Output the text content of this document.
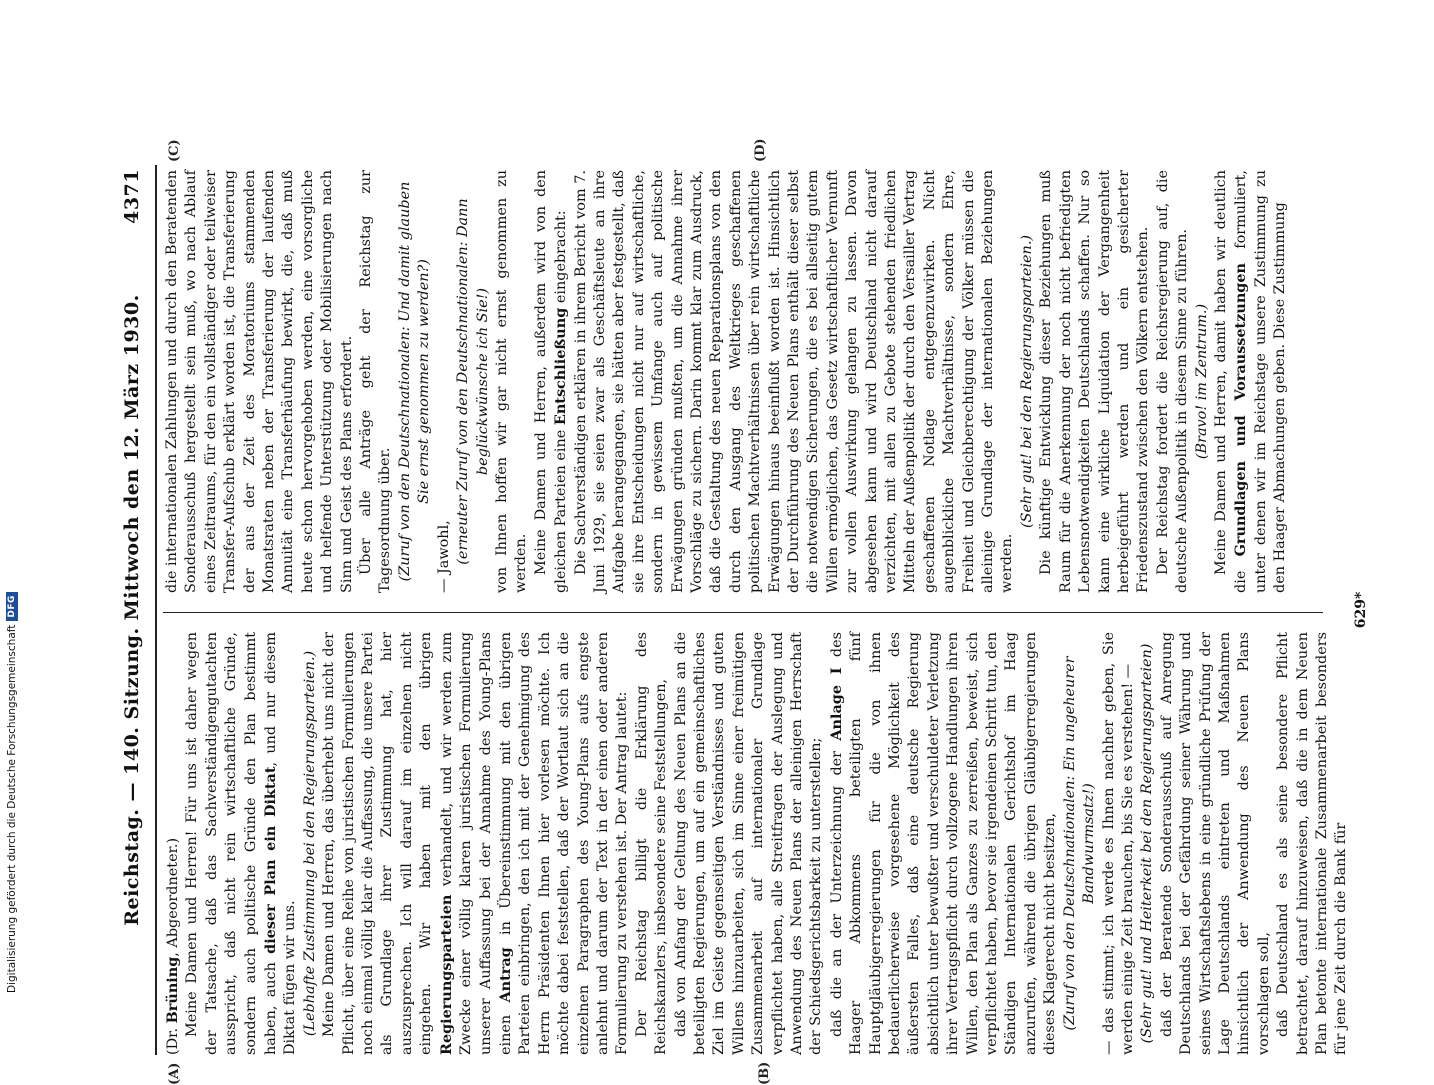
Reichstag. — 140. Sitzung. Mittwoch den 12. März 1930.
4371

(Dr. Brüning, Abgeordneter.) Meine Damen und Herren! Für uns ist daher wegen der Tatsache, daß das Sachverständigengutachten ausspricht, daß nicht rein wirtschaftliche Gründe, sondern auch politische Gründe den Plan bestimmt haben, auch dieser Plan ein Diktat, und nur diesem Diktat fügen wir uns. (Lebhafte Zustimmung bei den Regierungsparteien.) Meine Damen und Herren, das überhebt uns nicht der Pflicht, über eine Reihe von juristischen Formulierungen noch einmal völlig klar die Auffassung, die unsere Partei als Grundlage ihrer Zustimmung hat, hier auszusprechen. Ich will darauf im einzelnen nicht eingehen. Wir haben mit den übrigen Regierungsparteien verhandelt, und wir werden zum Zwecke einer völlig klaren juristischen Formulierung unserer Auffassung bei der Annahme des Young-Plans einen Antrag in Übereinstimmung mit den übrigen Parteien einbringen, den ich mit der Genehmigung des Herrn Präsidenten Ihnen hier vorlesen möchte. Ich möchte dabei feststellen, daß der Wortlaut sich an die einzelnen Paragraphen des Young-Plans aufs engste anlehnt und darum der Text in der einen oder anderen Formulierung zu verstehen ist. Der Antrag lautet: Der Reichstag billigt die Erklärung des Reichskanzlers, insbesondere seine Feststellungen, daß von Anfang der Geltung des Neuen Plans an die beteiligten Regierungen, um auf ein gemeinschaftliches Ziel im Geiste gegenseitigen Verständnisses und guten Willens hinzuarbeiten, sich im Sinne einer freimütigen Zusammenarbeit auf internationaler Grundlage verpflichtet haben, alle Streitfragen der Auslegung und Anwendung des Neuen Plans der alleinigen Herrschaft der Schiedsgerichtsbarkeit zu unterstellen; daß die an der Unterzeichnung der Anlage I des Haager Abkommens beteiligten fünf Hauptgläubigerregierungen für die von ihnen bedauerlicherweise vorgesehene Möglichkeit des äußersten Falles, daß eine deutsche Regierung absichtlich unter bewußter und verschuldeter Verletzung ihrer Vertragspflicht durch vollzogene Handlungen ihren Willen, den Plan als Ganzes zu zerreißen, beweist, sich verpflichtet haben, bevor sie irgendeinen Schritt tun, den Ständigen Internationalen Gerichtshof im Haag anzurufen, während die übrigen Gläubigerregierungen dieses Klagerecht nicht besitzen, (Zuruf von den Deutschnationalen: Ein ungeheurer Bandwurmsatz!) — das stimmt; ich werde es Ihnen nachher geben, Sie werden einige Zeit brauchen, bis Sie es verstehen! — (Sehr gut! und Heiterkeit bei den Regierungsparteien) daß der Beratende Sonderausschuß auf Anregung Deutschlands bei der Gefährdung seiner Währung und seines Wirtschaftslebens in eine gründliche Prüfung der Lage Deutschlands eintreten und Maßnahmen hinsichtlich der Anwendung des Neuen Plans vorschlagen soll, daß Deutschland es als seine besondere Pflicht betrachtet, darauf hinzuweisen, daß die in dem Neuen Plan betonte internationale Zusammenarbeit besonders für jene Zeit durch die Bank für

die internationalen Zahlungen und durch den Beratenden Sonderausschuß hergestellt sein muß, wo nach Ablauf eines Zeitraums, für den ein vollständiger oder teilweiser Transfer-Aufschub erklärt worden ist, die Transferierung der aus der Zeit des Moratoriums stammenden Monatsraten neben der Transferierung der laufenden Annuität eine Transferhäufung bewirkt, die, daß muß heute schon hervorgehoben werden, eine vorsorgliche und helfende Unterstützung oder Mobilisierungen nach Sinn und Geist des Plans erfordert. Über alle Anträge geht der Reichstag zur Tagesordnung über. (Zuruf von den Deutschnationalen: Und damit glauben Sie ernst genommen zu werden?)

— Jawohl, (erneuter Zuruf von den Deutschnationalen: Dann beglückwünsche ich Sie!) von Ihnen hoffen wir gar nicht ernst genommen zu werden. Meine Damen und Herren, außerdem wird von den gleichen Parteien eine Entschließung eingebracht: Die Sachverständigen erklären in ihrem Bericht vom 7. Juni 1929, sie seien zwar als Geschäftsleute an ihre Aufgabe herangegangen, sie hätten aber festgestellt, daß sie ihre Entscheidungen nicht nur auf wirtschaftliche, sondern in gewissem Umfange auch auf politische Erwägungen gründen mußten, um die Annahme ihrer Vorschläge zu sichern. Darin kommt klar zum Ausdruck, daß die Gestaltung des neuen Reparationsplans von den durch den Ausgang des Weltkrieges geschaffenen politischen Machtverhältnissen über rein wirtschaftliche Erwägungen hinaus beeinflußt worden ist. Hinsichtlich der Durchführung des Neuen Plans enthält dieser selbst die notwendigen Sicherungen, die es bei allseitig gutem Willen ermöglichen, das Gesetz wirtschaftlicher Vernunft zur vollen Auswirkung gelangen zu lassen. Davon abgesehen kann und wird Deutschland nicht darauf verzichten, mit allen zu Gebote stehenden friedlichen Mitteln der Außenpolitik der durch den Versailler Vertrag geschaffenen Notlage entgegenzuwirken. Nicht augenblickliche Machtverhältnisse, sondern Ehre, Freiheit und Gleichberechtigung der Völker müssen die alleinige Grundlage der internationalen Beziehungen werden.

(Sehr gut! bei den Regierungsparteien.) Die künftige Entwicklung dieser Beziehungen muß Raum für die Anerkennung der noch nicht befriedigten Lebensnotwendigkeiten Deutschlands schaffen. Nur so kann eine wirkliche Liquidation der Vergangenheit herbeigeführt werden und ein gesicherter Friedenszustand zwischen den Völkern entstehen. Der Reichstag fordert die Reichsregierung auf, die deutsche Außenpolitik in diesem Sinne zu führen. (Bravo! im Zentrum.) Meine Damen und Herren, damit haben wir deutlich die Grundlagen und Voraussetzungen formuliert, unter denen wir im Reichstage unsere Zustimmung zu den Haager Abmachungen geben. Diese Zustimmung

(A)	(B)
(C)	(D)
629*
Digitalisierung gefördert durch die Deutsche Forschungsgemeinschaft
DFG
